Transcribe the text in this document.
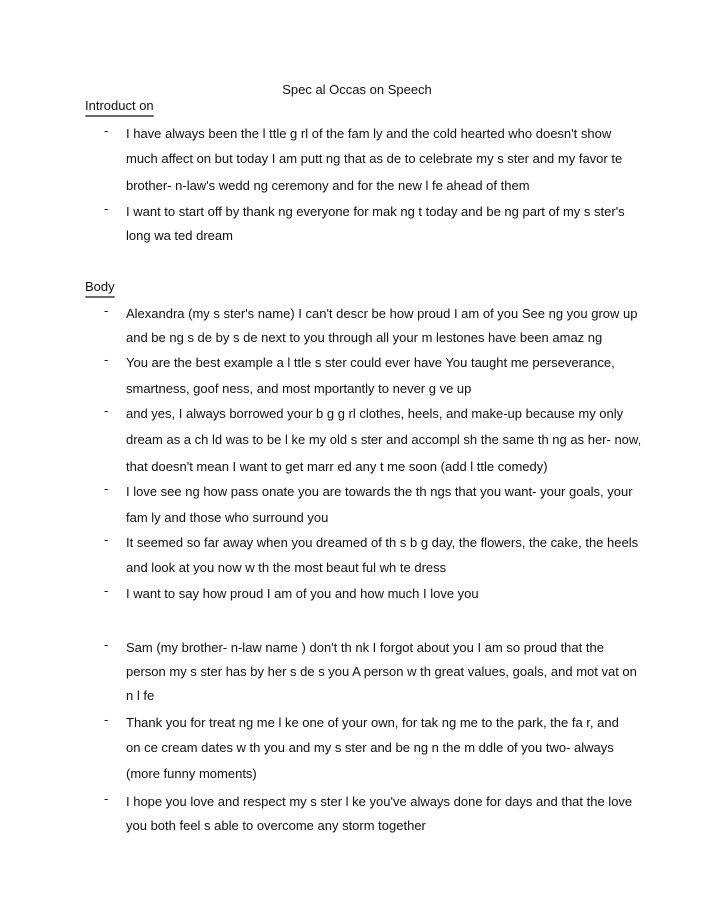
Spec al Occas on Speech
Introduct on
-	I have always been the l ttle g rl of the fam ly and the cold hearted who doesn't show
much affect on but today I am putt ng that as de to celebrate my s ster and my favor te
brother- n-law's wedd ng ceremony and for the new l fe ahead of them
-	I want to start off by thank ng everyone for mak ng t today and be ng part of my s ster's
long wa ted dream
Body
-	Alexandra (my s ster's name) I can't descr be how proud I am of you See ng you grow up
and be ng s de by s de next to you through all your m lestones have been amaz ng
-	You are the best example a l ttle s ster could ever have You taught me perseverance,
smartness, goof ness, and most mportantly to never g ve up
-	and yes, I always borrowed your b g g rl clothes, heels, and make-up because my only
dream as a ch ld was to be l ke my old s ster and accompl sh the same th ng as her- now,
that doesn't mean I want to get marr ed any t me soon (add l ttle comedy)
-	I love see ng how pass onate you are towards the th ngs that you want- your goals, your
fam ly and those who surround you
-	It seemed so far away when you dreamed of th s b g day, the flowers, the cake, the heels
and look at you now w th the most beaut ful wh te dress
-	I want to say how proud I am of you and how much I love you
-	Sam (my brother- n-law name ) don't th nk I forgot about you I am so proud that the
person my s ster has by her s de s you A person w th great values, goals, and mot vat on
n l fe
-	Thank you for treat ng me l ke one of your own, for tak ng me to the park, the fa r, and
on ce cream dates w th you and my s ster and be ng n the m ddle of you two- always
(more funny moments)
-	I hope you love and respect my s ster l ke you've always done for days and that the love
you both feel s able to overcome any storm together
